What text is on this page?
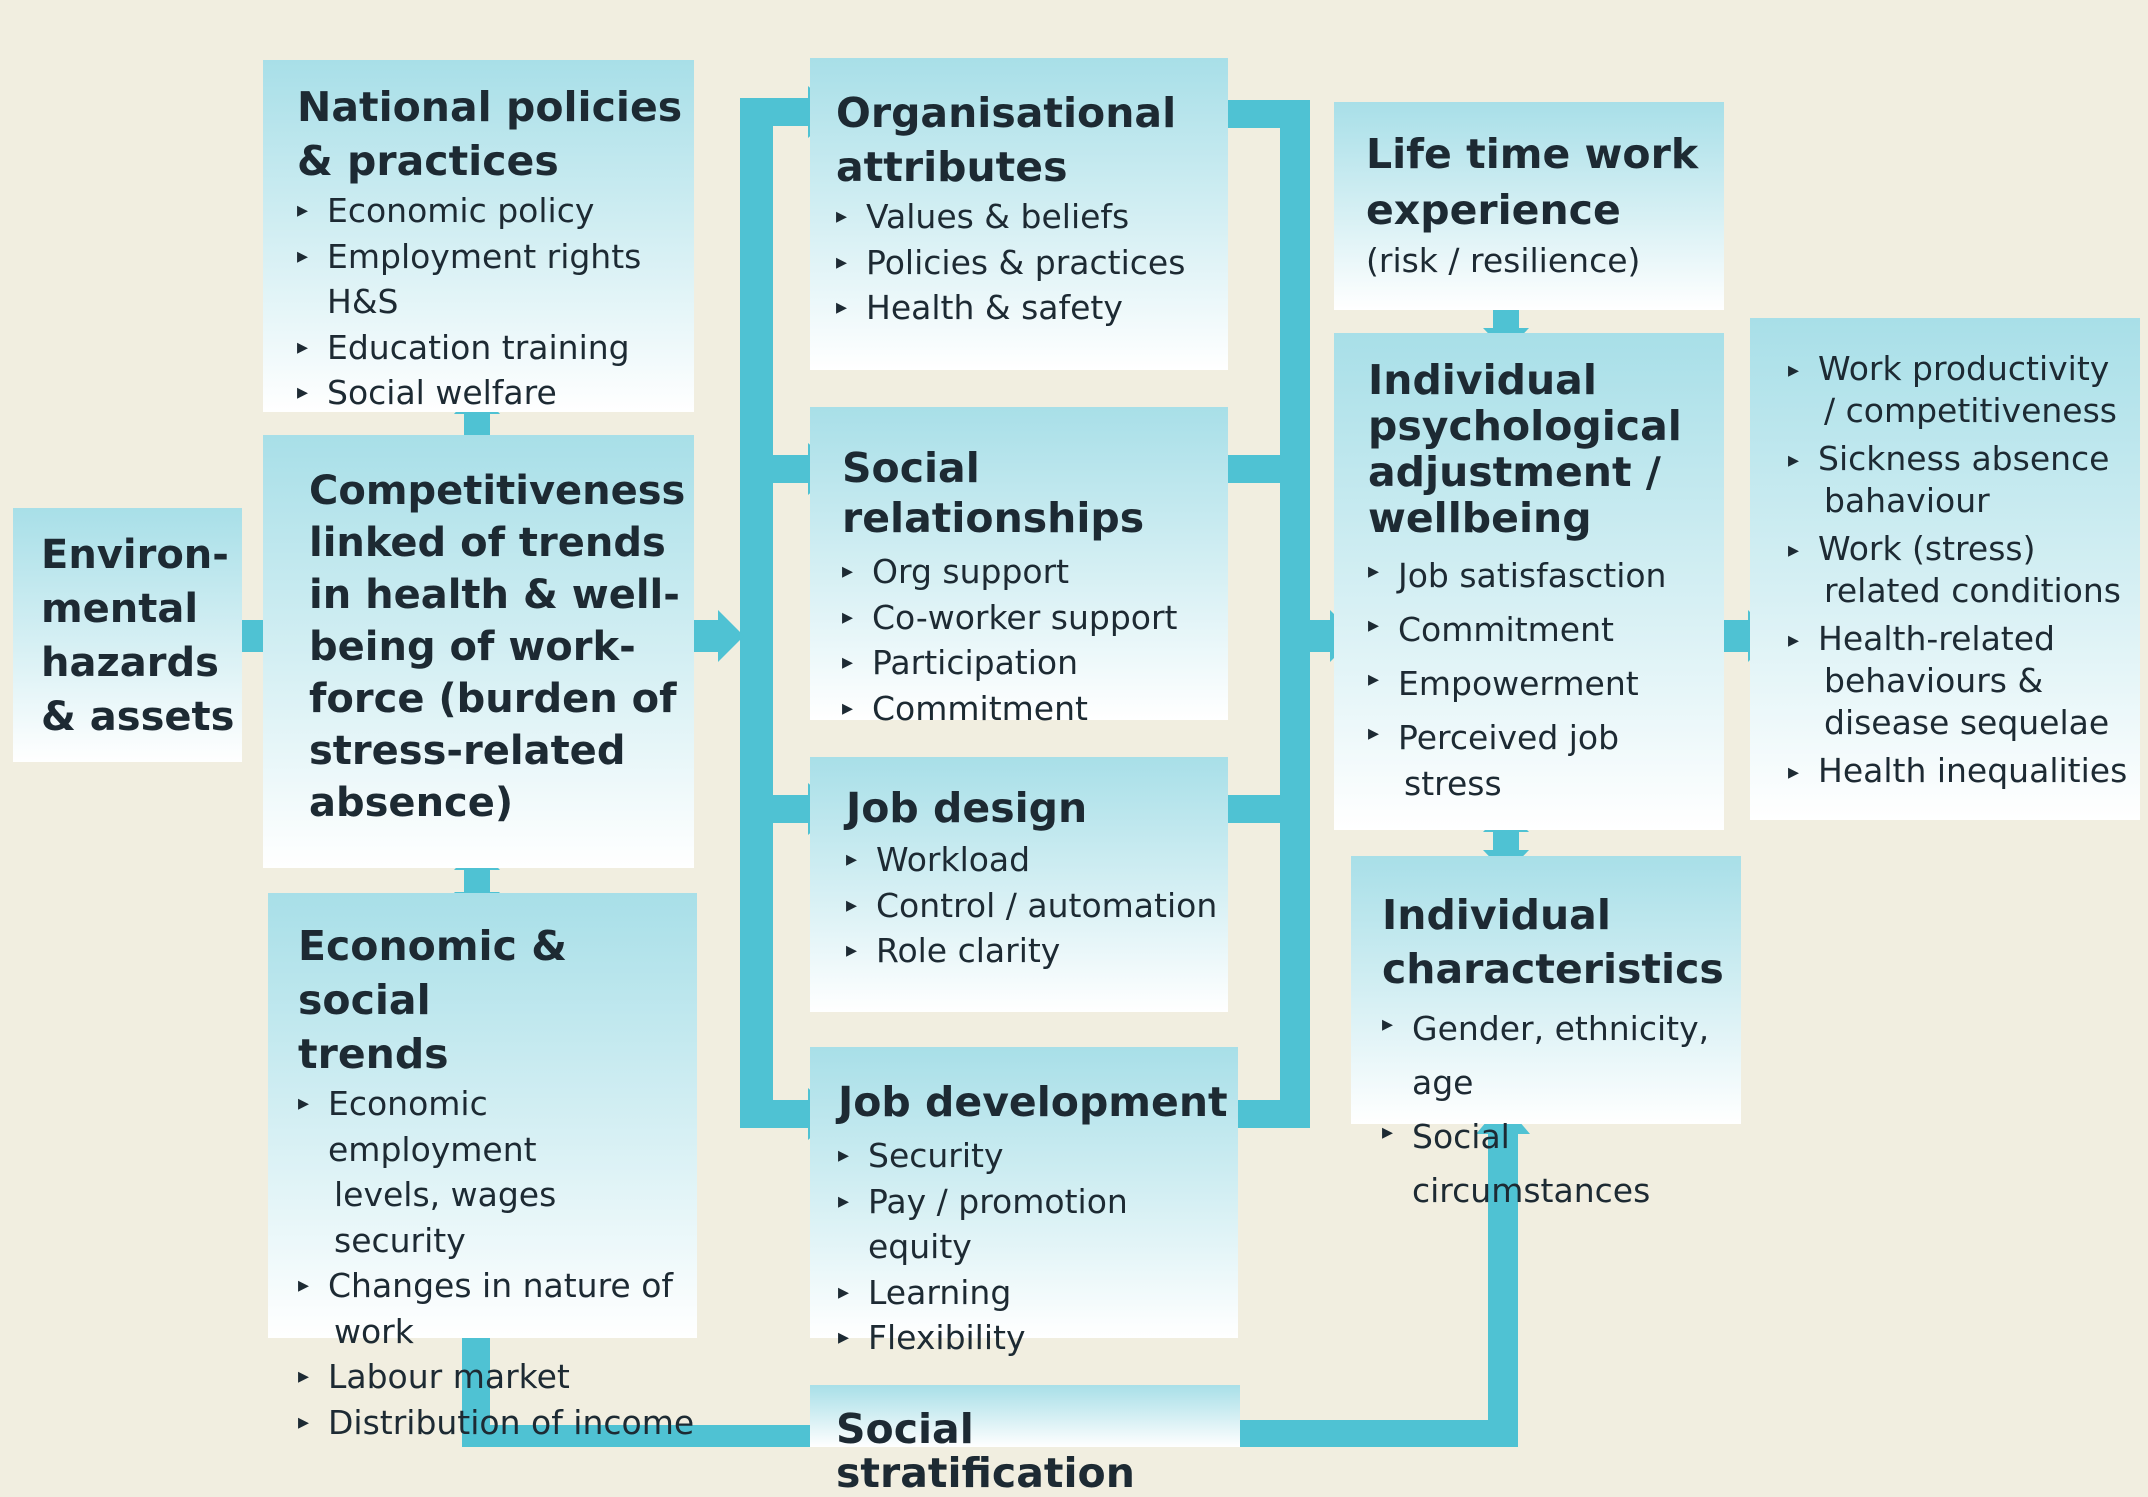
Environ-
mental
hazards
& assets

National policies
& practices

▸ Economic policy
▸ Employment rights H&S
▸ Education training
▸ Social welfare

Competitiveness
linked of trends
in health & well-
being of work-
force (burden of
stress-related
absence)

Economic & social
trends

▸ Economic employment
levels, wages security
▸ Changes in nature of
work
▸ Labour market
▸ Distribution of income

Organisational
attributes

▸ Values & beliefs
▸ Policies & practices
▸ Health & safety

Social relationships

▸ Org support
▸ Co-worker support
▸ Participation
▸ Commitment

Job design

▸ Workload
▸ Control / automation
▸ Role clarity

Job development

▸ Security
▸ Pay / promotion equity
▸ Learning
▸ Flexibility

Social stratification

Life time work
experience

(risk / resilience)

Individual
psychological
adjustment /
wellbeing

▸ Job satisfasction
▸ Commitment
▸ Empowerment
▸ Perceived job
stress

Individual
characteristics

▸ Gender, ethnicity, age
▸ Social circumstances
▸ Work productivity
/ competitiveness
▸ Sickness absence
bahaviour
▸ Work (stress)
related conditions
▸ Health-related
behaviours &
disease sequelae
▸ Health inequalities
